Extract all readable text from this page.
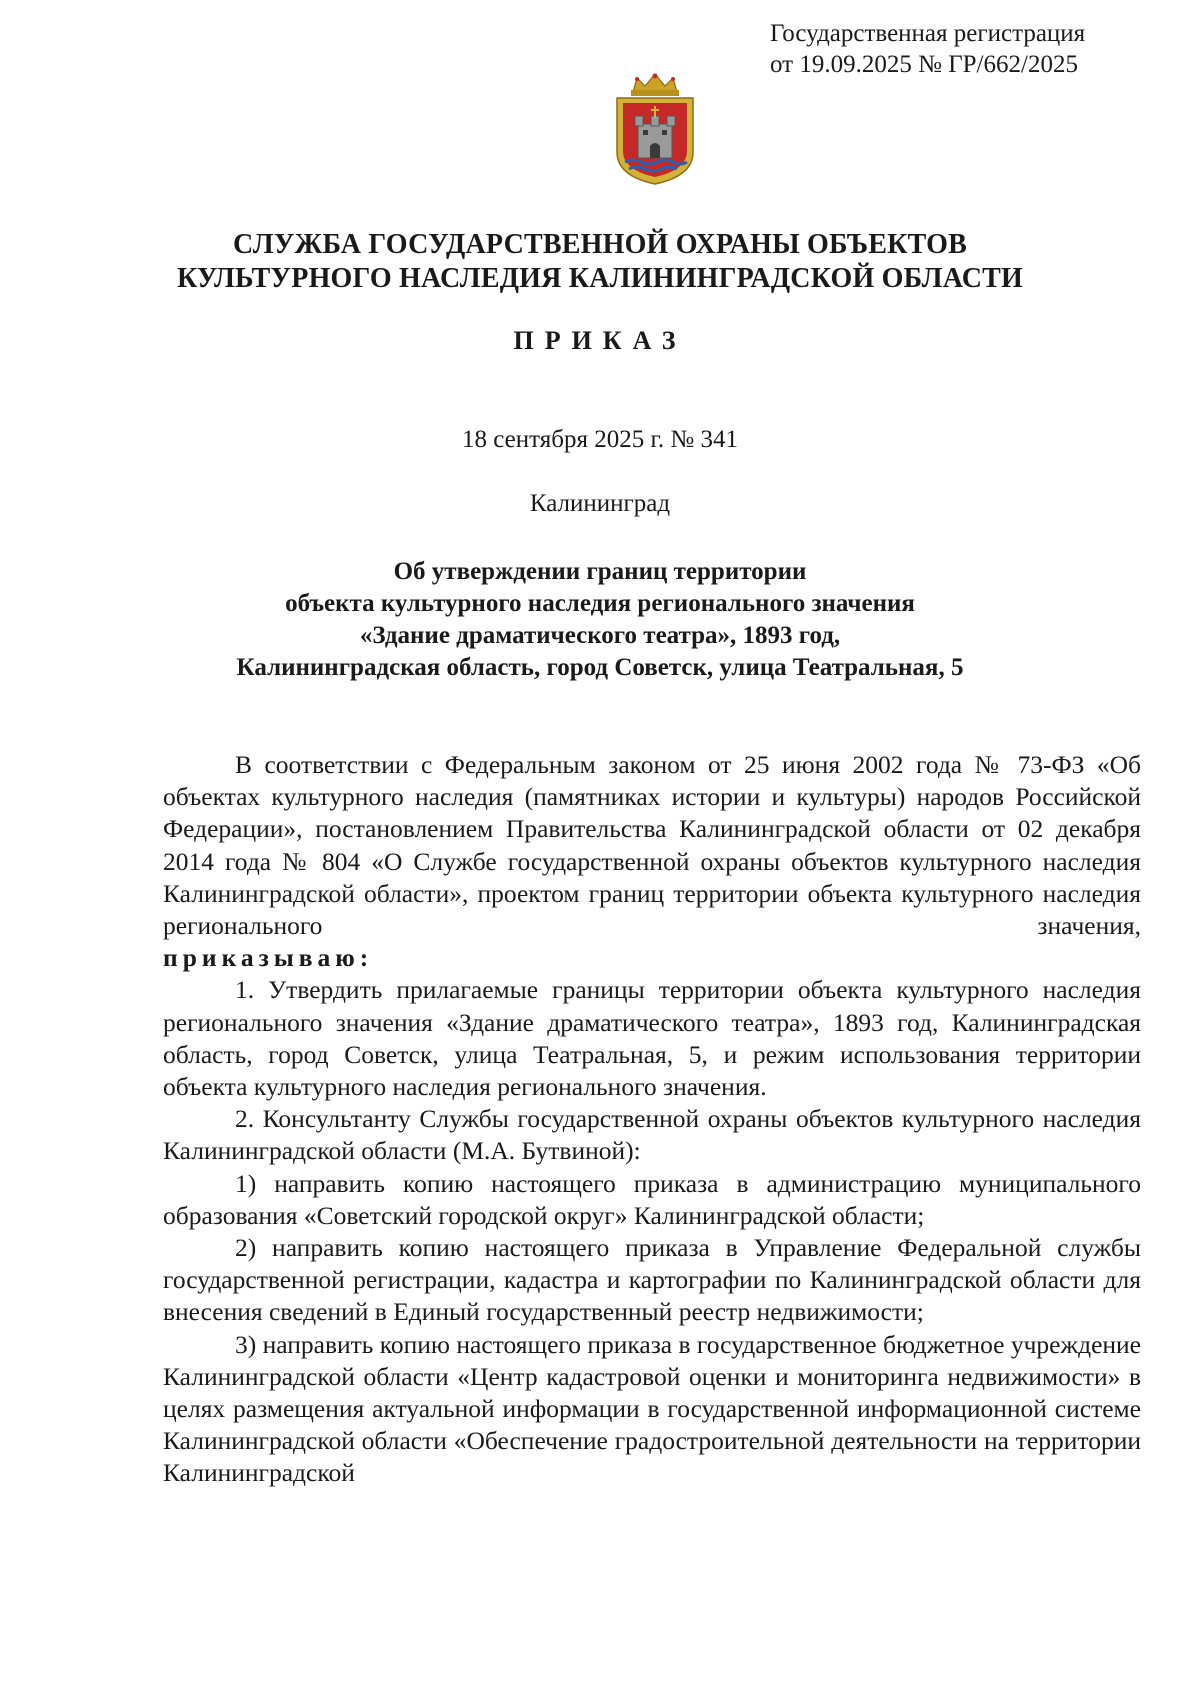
Государственная регистрация
от 19.09.2025 № ГР/662/2025
СЛУЖБА ГОСУДАРСТВЕННОЙ ОХРАНЫ ОБЪЕКТОВ
КУЛЬТУРНОГО НАСЛЕДИЯ КАЛИНИНГРАДСКОЙ ОБЛАСТИ
ПРИКАЗ
18 сентября 2025 г. № 341
Калининград
Об утверждении границ территории
объекта культурного наследия регионального значения
«Здание драматического театра», 1893 год,
Калининградская область, город Советск, улица Театральная, 5

В соответствии с Федеральным законом от 25 июня 2002 года № 73-ФЗ «Об объектах культурного наследия (памятниках истории и культуры) народов Российской Федерации», постановлением Правительства Калининградской области от 02 декабря 2014 года № 804 «О Службе государственной охраны объектов культурного наследия Калининградской области», проектом границ территории объекта культурного наследия регионального значения,

приказываю:

1. Утвердить прилагаемые границы территории объекта культурного наследия регионального значения «Здание драматического театра», 1893 год, Калининградская область, город Советск, улица Театральная, 5, и режим использования территории объекта культурного наследия регионального значения.

2. Консультанту Службы государственной охраны объектов культурного наследия Калининградской области (М.А. Бутвиной):

1) направить копию настоящего приказа в администрацию муниципального образования «Советский городской округ» Калининградской области;

2) направить копию настоящего приказа в Управление Федеральной службы государственной регистрации, кадастра и картографии по Калининградской области для внесения сведений в Единый государственный реестр недвижимости;

3) направить копию настоящего приказа в государственное бюджетное учреждение Калининградской области «Центр кадастровой оценки и мониторинга недвижимости» в целях размещения актуальной информации в государственной информационной системе Калининградской области «Обеспечение градостроительной деятельности на территории Калининградской
